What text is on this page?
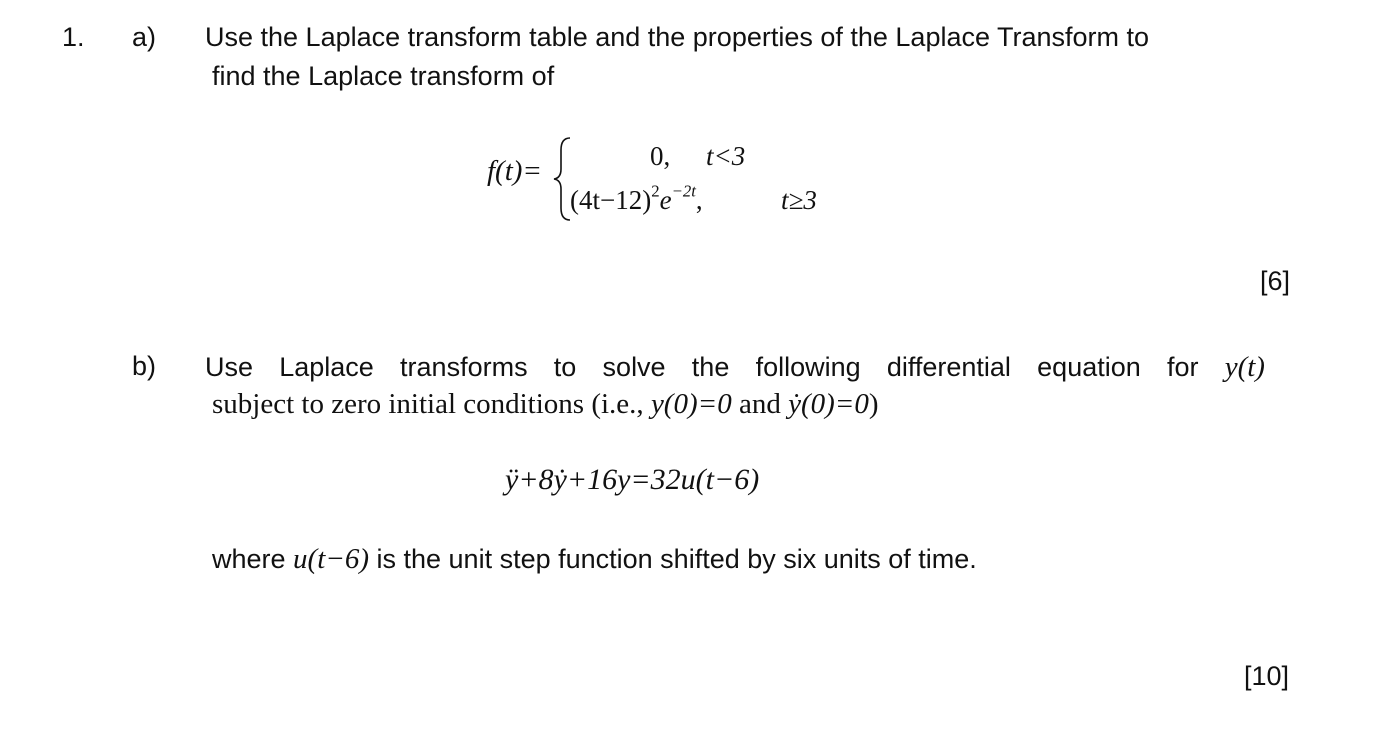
1. a) Use the Laplace transform table and the properties of the Laplace Transform to
find the Laplace transform of
f(t)=	0, t<3
$(4t-12)^2e^{-2t}$,	t≥3
[6]
b) Use Laplace transforms to solve the following differential equation for y(t)
subject to zero initial conditions (i.e., y(0)=0 and ẏ(0)=0)
ÿ+8ẏ+16y=32u(t−6)
where u(t−6) is the unit step function shifted by six units of time.
[10]
